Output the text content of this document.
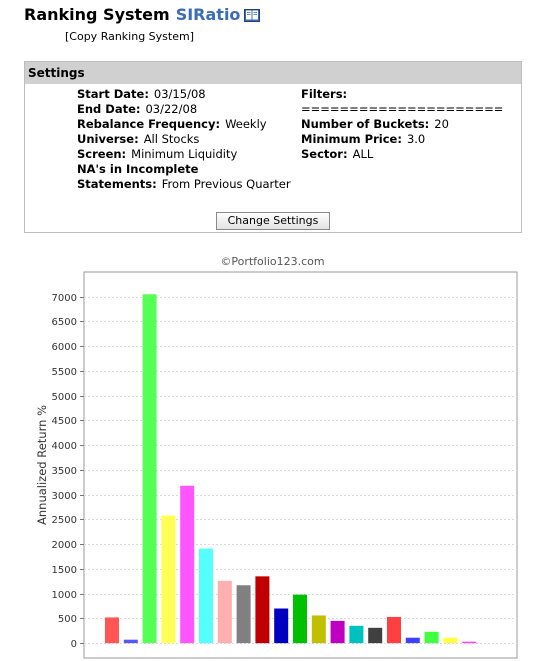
Ranking System SIRatio
[Copy Ranking System]
Settings
Start Date: 03/15/08
End Date: 03/22/08
Rebalance Frequency: Weekly
Universe: All Stocks
Screen: Minimum Liquidity
NA's in Incomplete
Statements: From Previous Quarter
Filters:
=====================
Number of Buckets: 20
Minimum Price: 3.0
Sector: ALL
Change Settings
©Portfolio123.com
0
500
1000
1500
2000
2500
3000
3500
4000
4500
5000
5500
6000
6500
7000
Annualized Return %
